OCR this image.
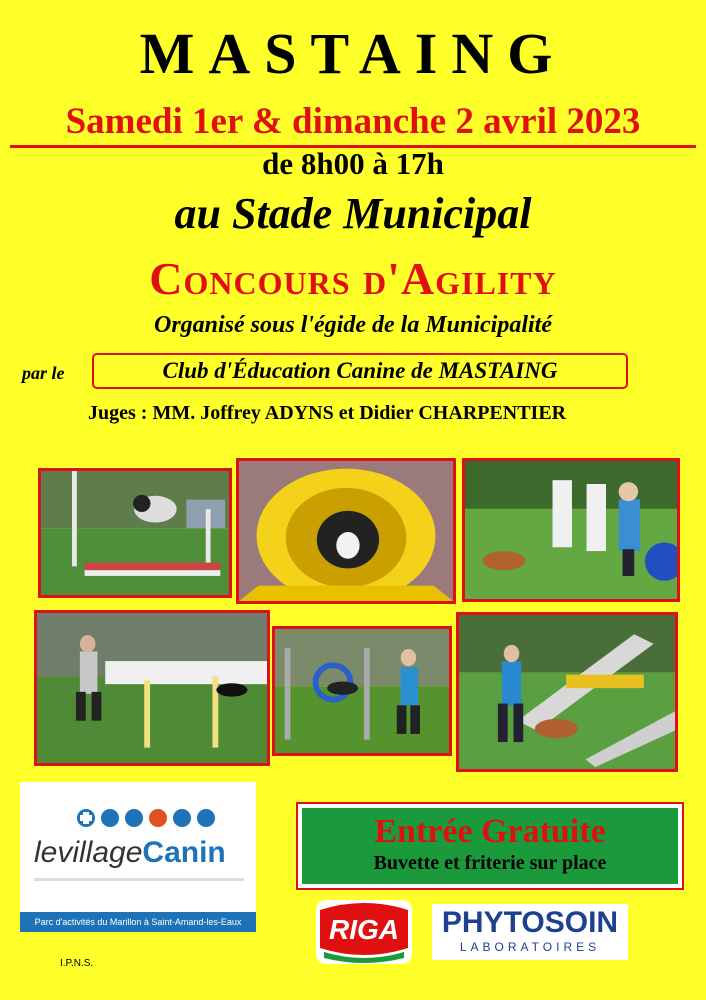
MASTAING
Samedi 1er & dimanche 2 avril 2023
de 8h00 à 17h
au Stade Municipal
Concours d'Agility
Organisé sous l'égide de la Municipalité
par le	Club d'Éducation Canine de MASTAING
Juges : MM. Joffrey ADYNS et Didier CHARPENTIER
levillageCanin
Parc d'activités du Marillon à Saint-Amand-les-Eaux
Entrée Gratuite
Buvette et friterie sur place
RIGA	PHYTOSOIN
LABORATOIRES
I.P.N.S.
